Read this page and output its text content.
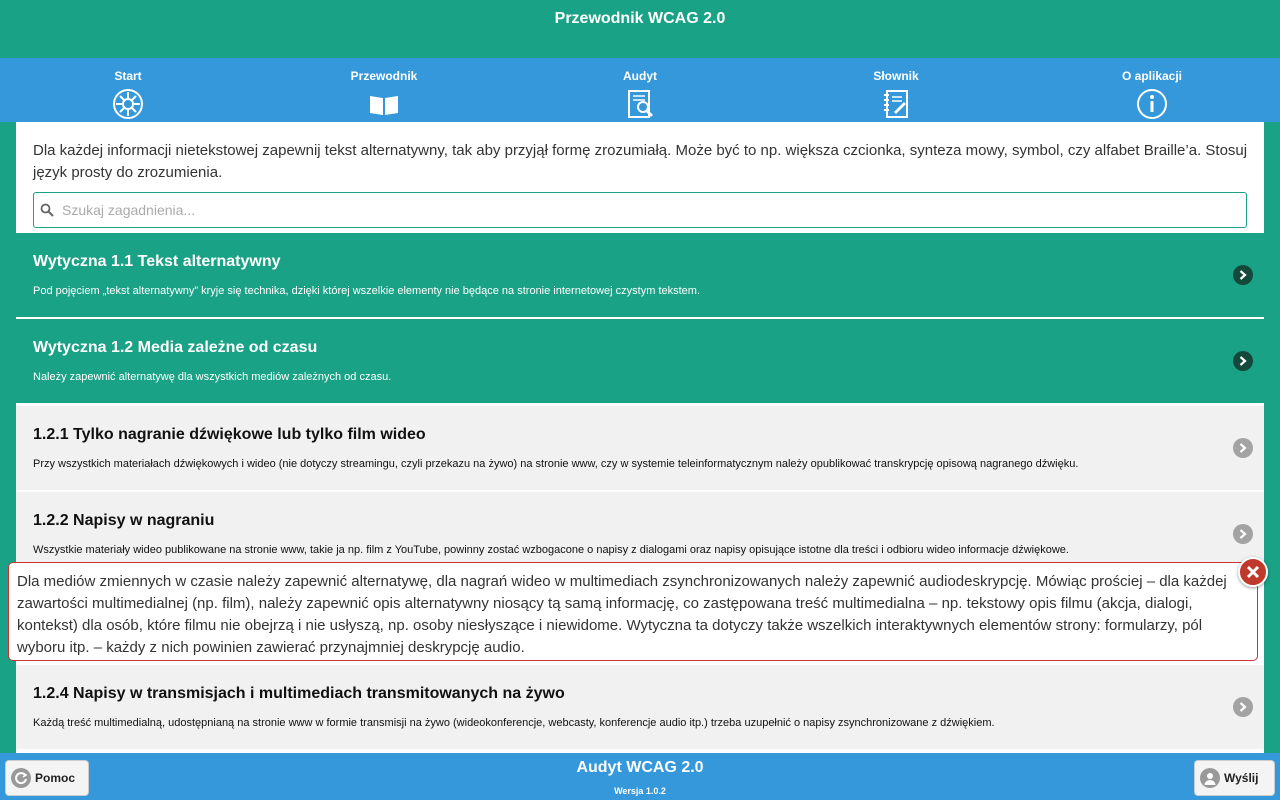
Przewodnik WCAG 2.0
Start	Przewodnik	Audyt	Słownik	O aplikacji

Dla każdej informacji nietekstowej zapewnij tekst alternatywny, tak aby przyjął formę zrozumiałą. Może być to np. większa czcionka, synteza mowy, symbol, czy alfabet Braille’a. Stosuj język prosty do zrozumienia.

Szukaj zagadnienia...
Wytyczna 1.1 Tekst alternatywny
Pod pojęciem „tekst alternatywny” kryje się technika, dzięki której wszelkie elementy nie będące na stronie internetowej czystym tekstem.
Wytyczna 1.2 Media zależne od czasu
Należy zapewnić alternatywę dla wszystkich mediów zależnych od czasu.
1.2.1 Tylko nagranie dźwiękowe lub tylko film wideo
Przy wszystkich materiałach dźwiękowych i wideo (nie dotyczy streamingu, czyli przekazu na żywo) na stronie www, czy w systemie teleinformatycznym należy opublikować transkrypcję opisową nagranego dźwięku.
1.2.2 Napisy w nagraniu
Wszystkie materiały wideo publikowane na stronie www, takie ja np. film z YouTube, powinny zostać wzbogacone o napisy z dialogami oraz napisy opisujące istotne dla treści i odbioru wideo informacje dźwiękowe.
1.2.4 Napisy w transmisjach i multimediach transmitowanych na żywo
Każdą treść multimedialną, udostępnianą na stronie www w formie transmisji na żywo (wideokonferencje, webcasty, konferencje audio itp.) trzeba uzupełnić o napisy zsynchronizowane z dźwiękiem.
Dla mediów zmiennych w czasie należy zapewnić alternatywę, dla nagrań wideo w multimediach zsynchronizowanych należy zapewnić audiodeskrypcję. Mówiąc prościej – dla każdej zawartości multimedialnej (np. film), należy zapewnić opis alternatywny niosący tą samą informację, co zastępowana treść multimedialna – np. tekstowy opis filmu (akcja, dialogi, kontekst) dla osób, które filmu nie obejrzą i nie usłyszą, np. osoby niesłyszące i niewidome. Wytyczna ta dotyczy także wszelkich interaktywnych elementów strony: formularzy, pól wyboru itp. – każdy z nich powinien zawierać przynajmniej deskrypcję audio.
Pomoc
Audyt WCAG 2.0
Wersja 1.0.2
Wyślij
